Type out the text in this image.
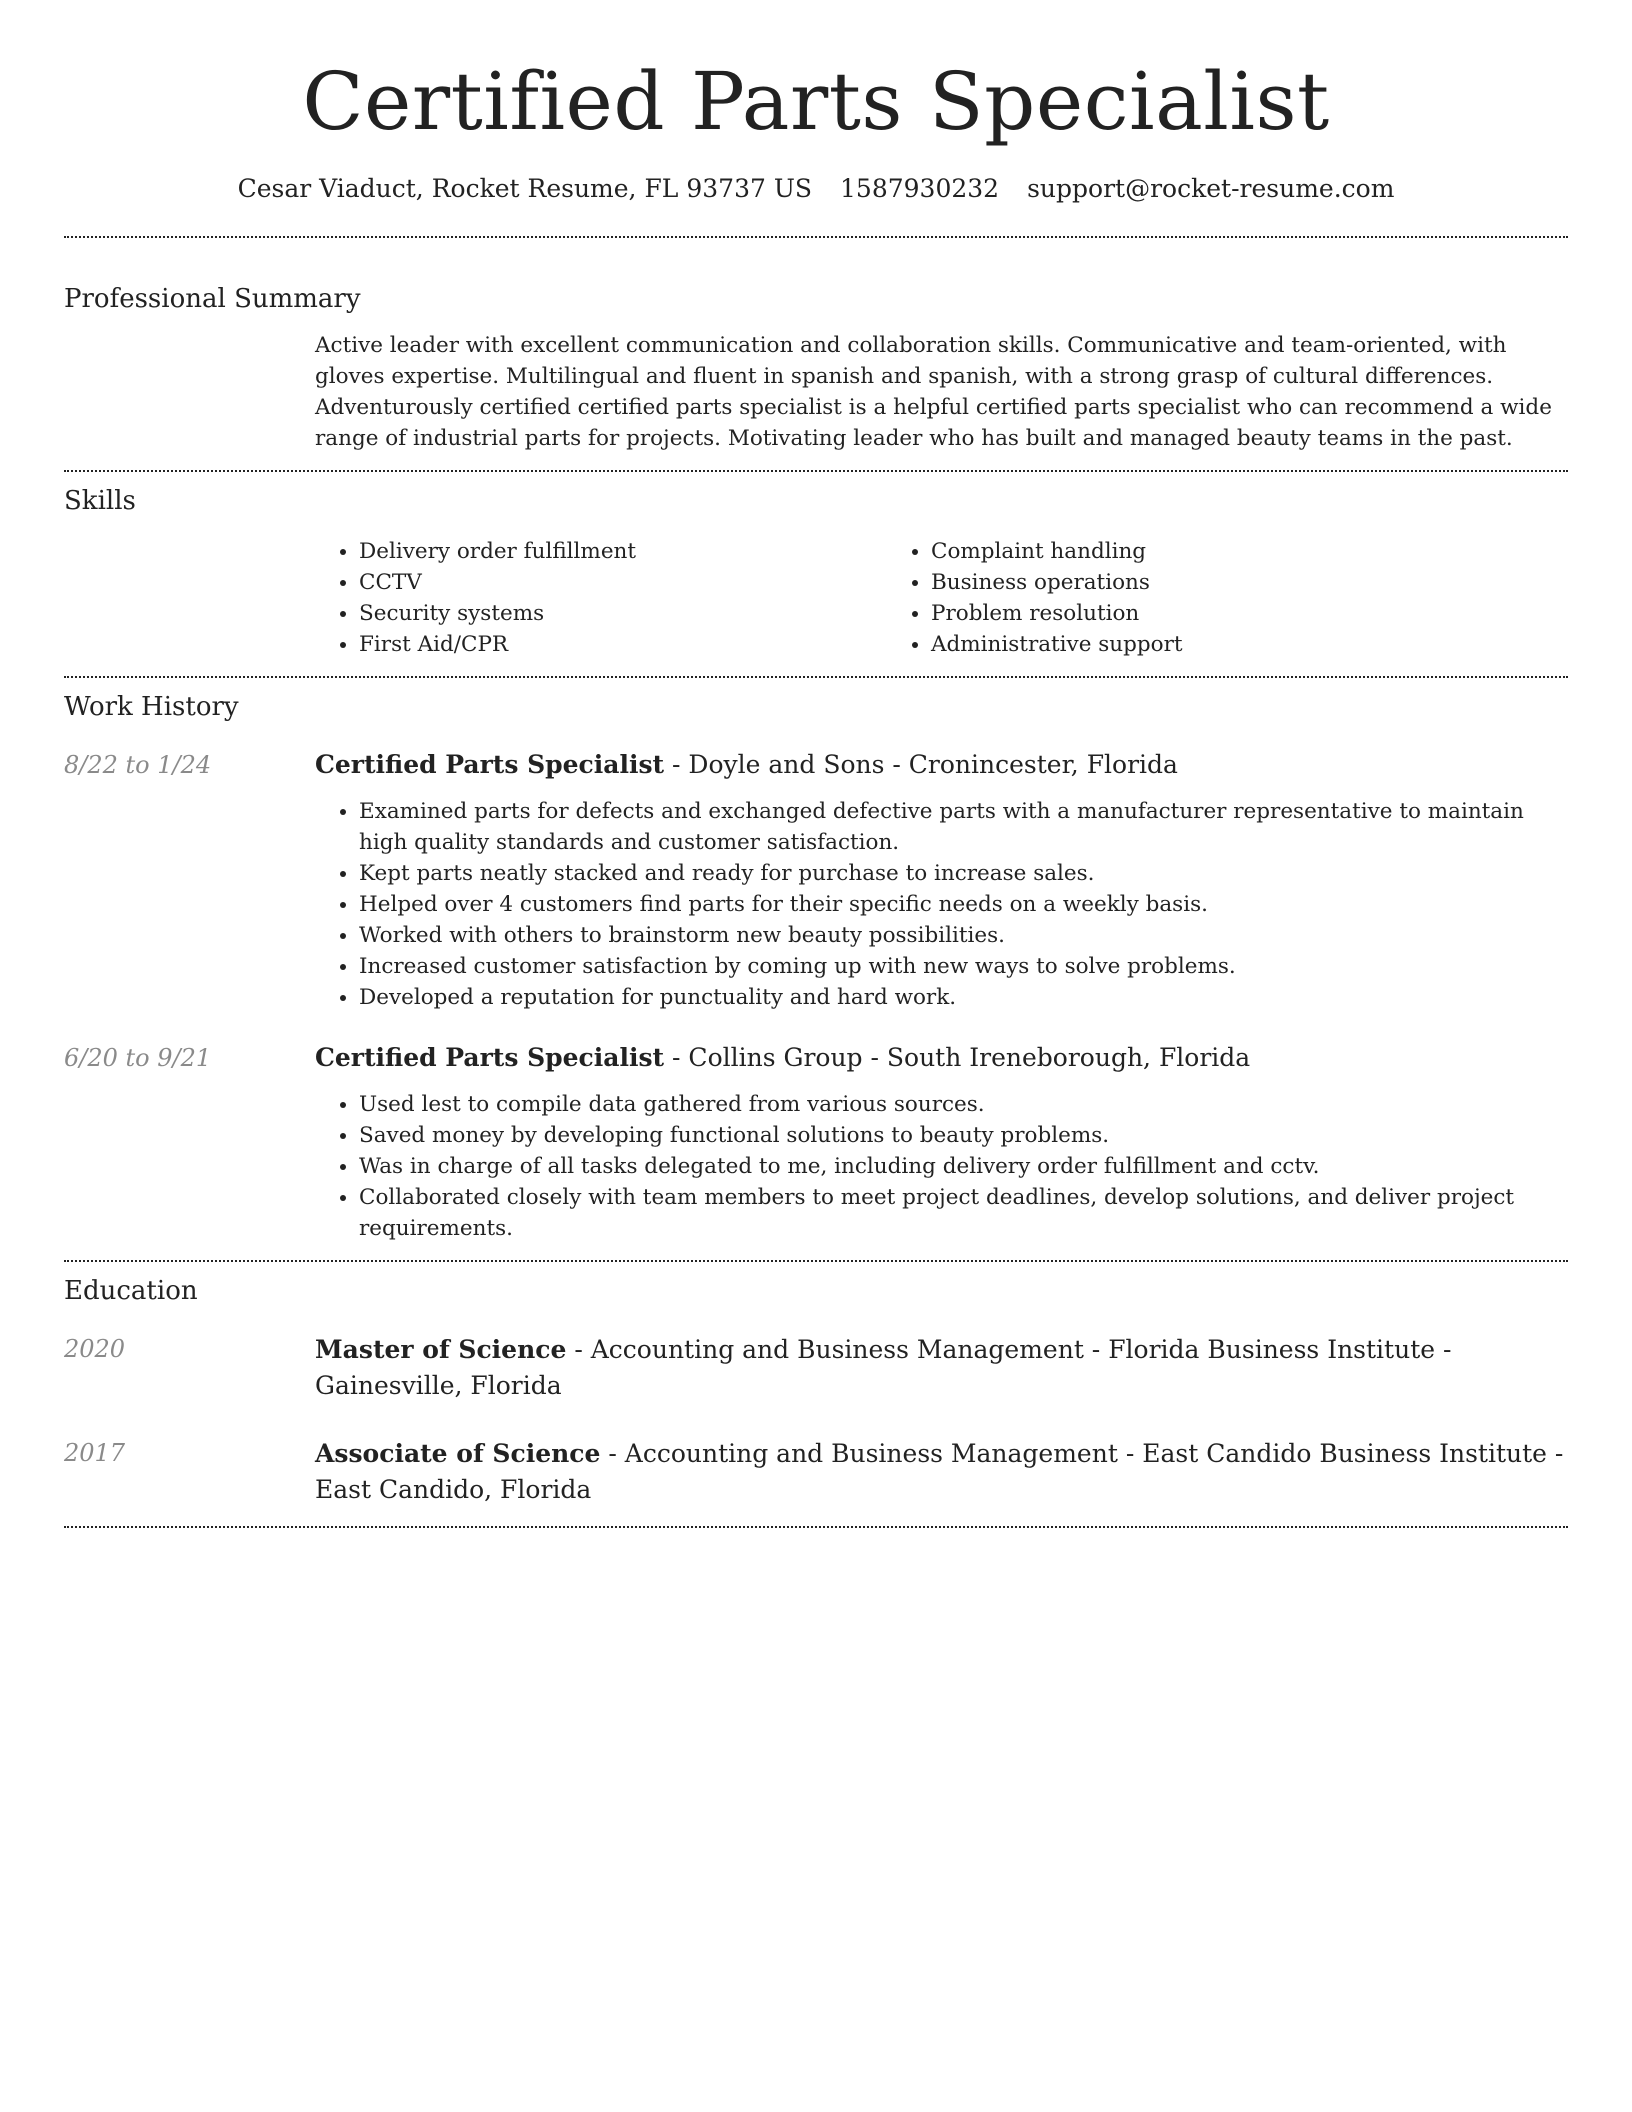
Certified Parts Specialist
Cesar Viaduct, Rocket Resume, FL 93737 US 1587930232 support@rocket-resume.com
Professional Summary

Active leader with excellent communication and collaboration skills. Communicative and team-oriented, with gloves expertise. Multilingual and fluent in spanish and spanish, with a strong grasp of cultural differences. Adventurously certified certified parts specialist is a helpful certified parts specialist who can recommend a wide range of industrial parts for projects. Motivating leader who has built and managed beauty teams in the past.

Skills
• Delivery order fulfillment
• CCTV
• Security systems
• First Aid/CPR
• Complaint handling
• Business operations
• Problem resolution
• Administrative support
Work History
8/22 to 1/24	Certified Parts Specialist - Doyle and Sons - Cronincester, Florida
• Examined parts for defects and exchanged defective parts with a manufacturer representative to maintain high quality standards and customer satisfaction.
• Kept parts neatly stacked and ready for purchase to increase sales.
• Helped over 4 customers find parts for their specific needs on a weekly basis.
• Worked with others to brainstorm new beauty possibilities.
• Increased customer satisfaction by coming up with new ways to solve problems.
• Developed a reputation for punctuality and hard work.
6/20 to 9/21	Certified Parts Specialist - Collins Group - South Ireneborough, Florida
• Used lest to compile data gathered from various sources.
• Saved money by developing functional solutions to beauty problems.
• Was in charge of all tasks delegated to me, including delivery order fulfillment and cctv.
• Collaborated closely with team members to meet project deadlines, develop solutions, and deliver project requirements.
Education
2020	Master of Science - Accounting and Business Management - Florida Business Institute - Gainesville, Florida
2017	Associate of Science - Accounting and Business Management - East Candido Business Institute - East Candido, Florida
